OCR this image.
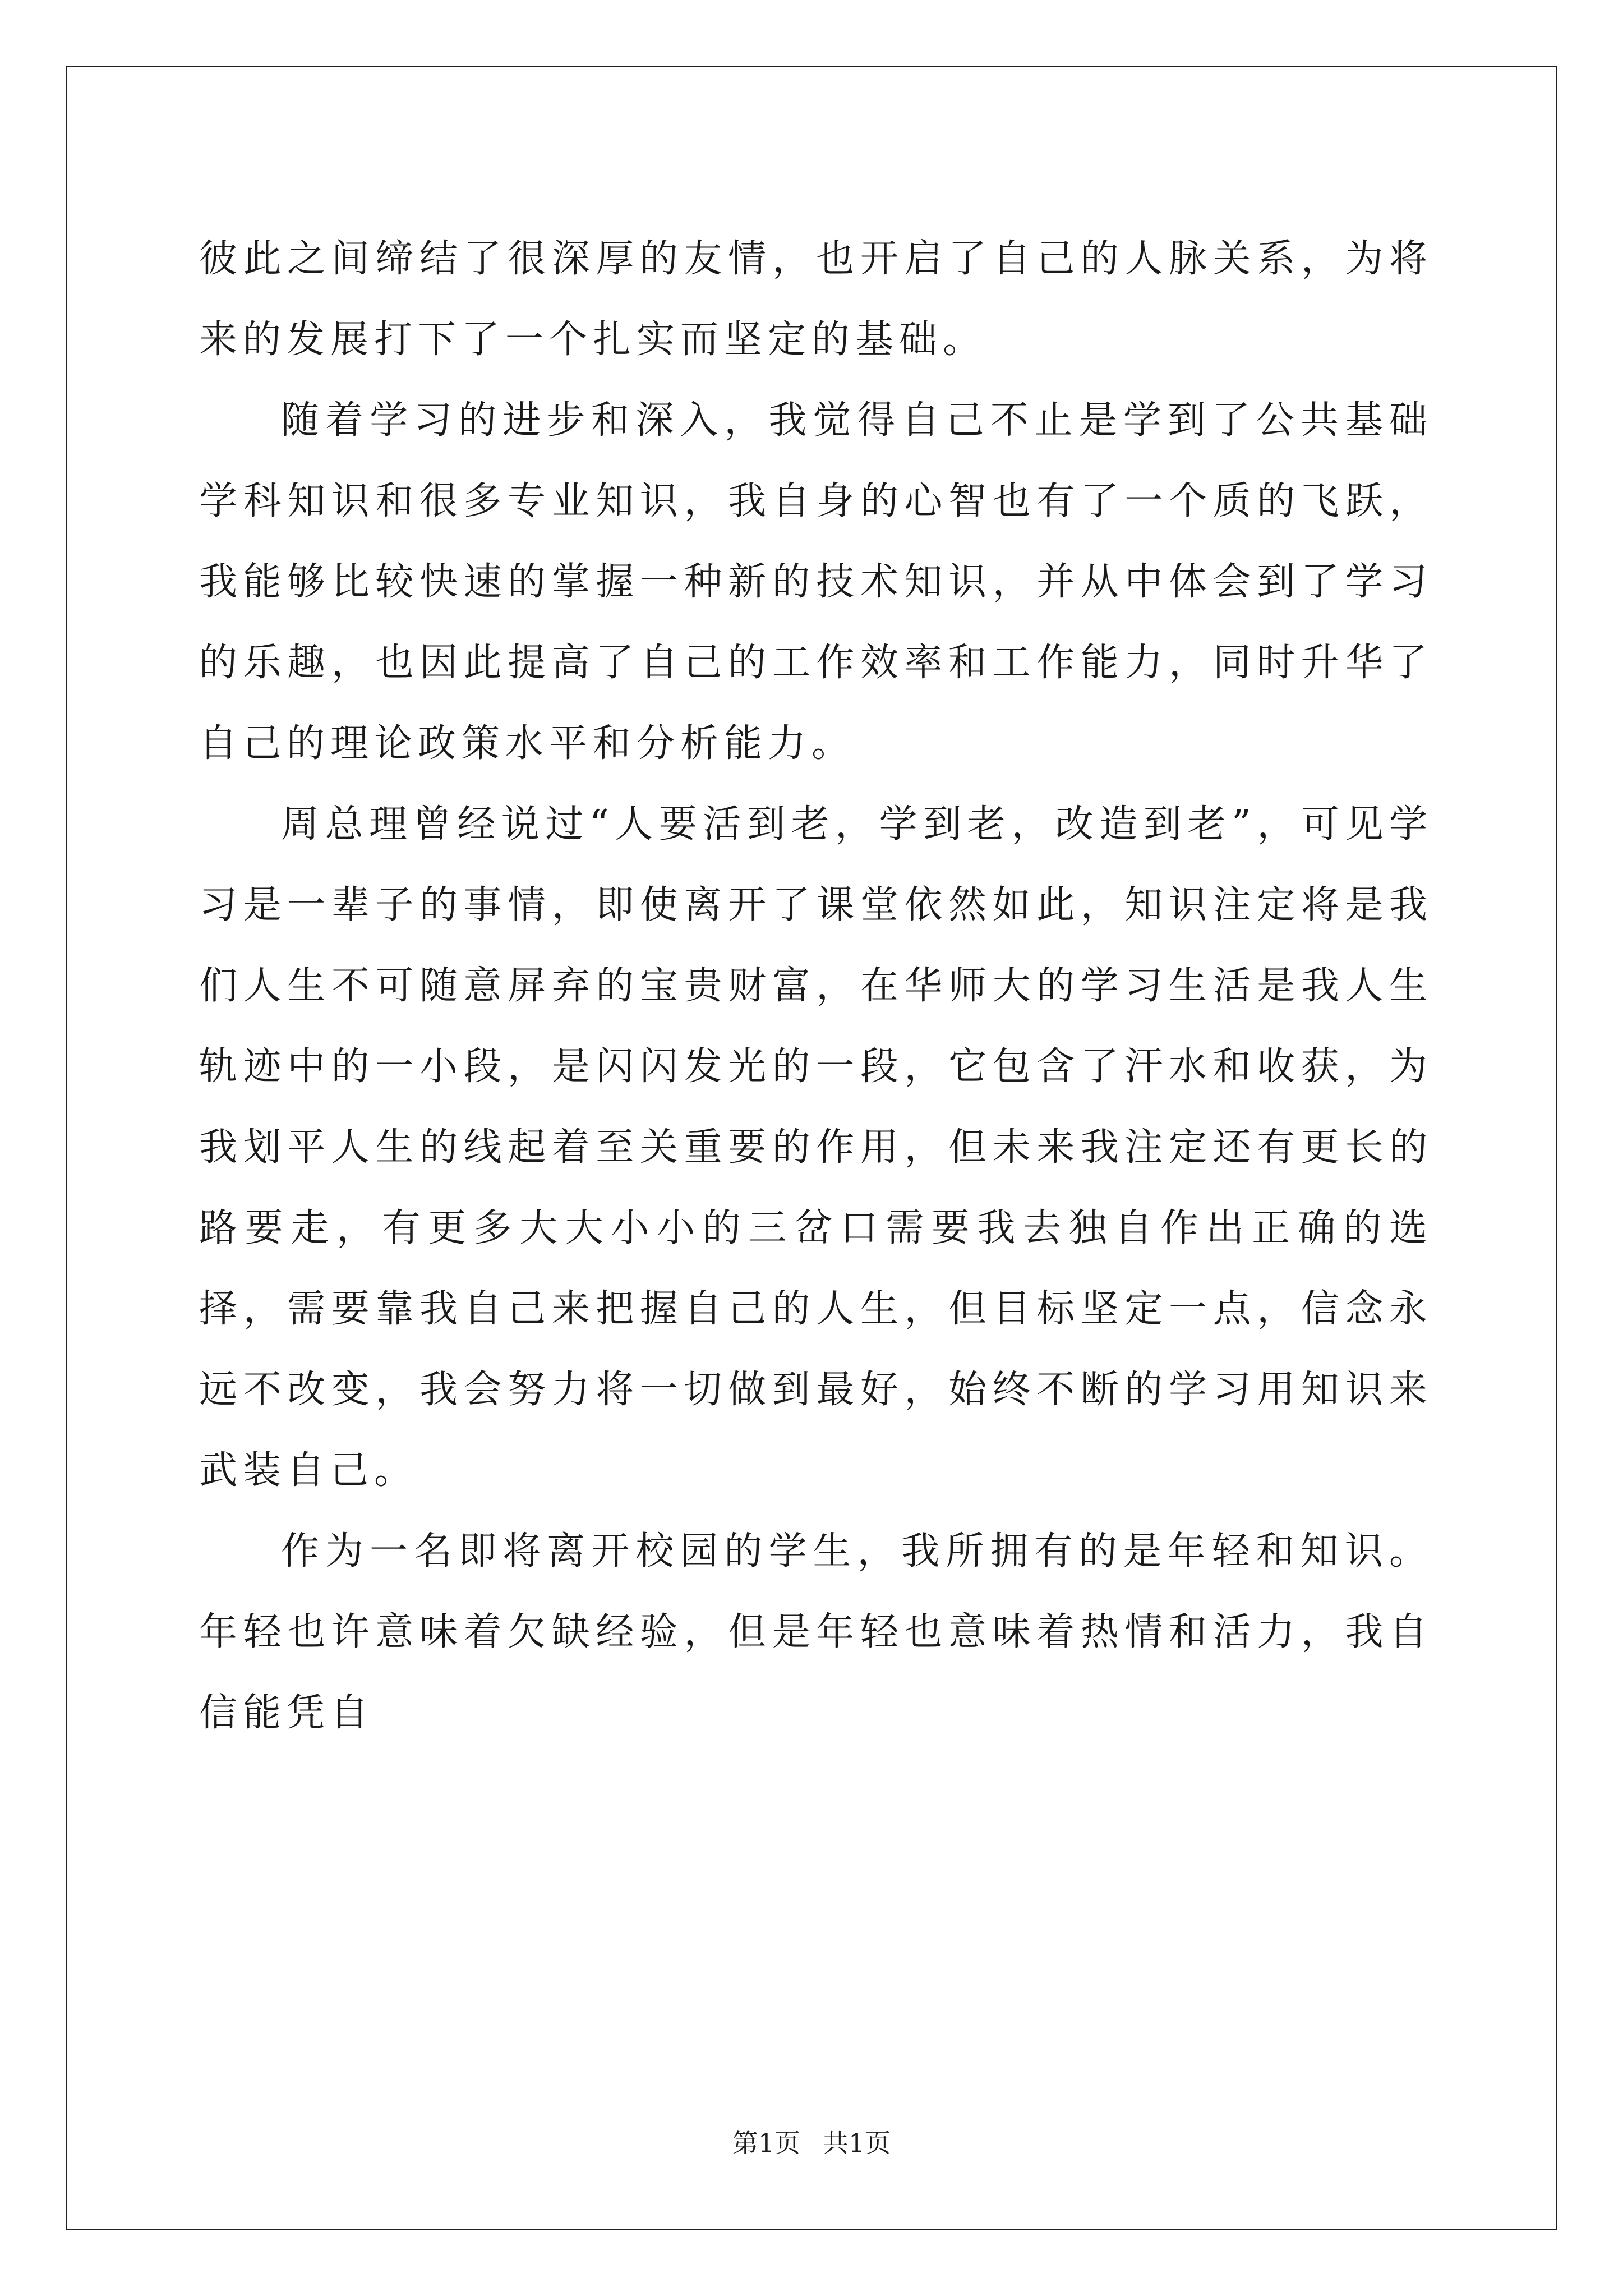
彼此之间缔结了很深厚的友情，也开启了自己的人脉关系，为将来的发展打下了一个扎实而坚定的基础。

随着学习的进步和深入，我觉得自己不止是学到了公共基础学科知识和很多专业知识，我自身的心智也有了一个质的飞跃，我能够比较快速的掌握一种新的技术知识，并从中体会到了学习的乐趣，也因此提高了自己的工作效率和工作能力，同时升华了自己的理论政策水平和分析能力。

周总理曾经说过“人要活到老，学到老，改造到老”，可见学习是一辈子的事情，即使离开了课堂依然如此，知识注定将是我们人生不可随意屏弃的宝贵财富，在华师大的学习生活是我人生轨迹中的一小段，是闪闪发光的一段，它包含了汗水和收获，为我划平人生的线起着至关重要的作用，但未来我注定还有更长的路要走，有更多大大小小的三岔口需要我去独自作出正确的选择，需要靠我自己来把握自己的人生，但目标坚定一点，信念永远不改变，我会努力将一切做到最好，始终不断的学习用知识来武装自己。

作为一名即将离开校园的学生，我所拥有的是年轻和知识。年轻也许意味着欠缺经验，但是年轻也意味着热情和活力，我自信能凭自

第1页 共1页
